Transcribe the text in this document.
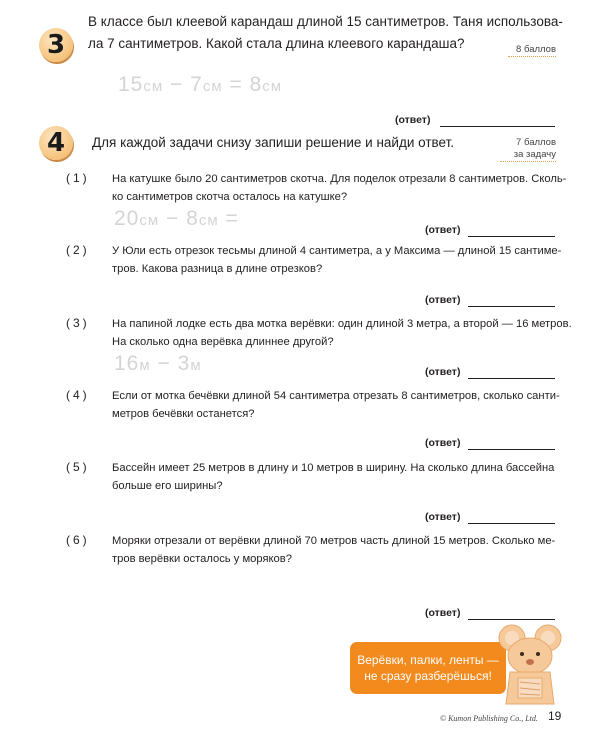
3
В классе был клеевой карандаш длиной 15 сантиметров. Таня использова-
ла 7 сантиметров. Какой стала длина клеевого карандаша?	8 баллов
15см − 7см = 8см
(ответ)
4 Для каждой задачи снизу запиши решение и найди ответ.	7 баллов
за задачу
(1) На катушке было 20 сантиметров скотча. Для поделок отрезали 8 сантиметров. Сколь-
ко сантиметров скотча осталось на катушке?
20см − 8см =	(ответ)
(2) У Юли есть отрезок тесьмы длиной 4 сантиметра, а у Максима — длиной 15 сантиме-
тров. Какова разница в длине отрезков?
(ответ)
(3) На папиной лодке есть два мотка верёвки: один длиной 3 метра, а второй — 16 метров.
На сколько одна верёвка длиннее другой?
16м − 3м	(ответ)
(4) Если от мотка бечёвки длиной 54 сантиметра отрезать 8 сантиметров, сколько санти-
метров бечёвки останется?
(ответ)
(5) Бассейн имеет 25 метров в длину и 10 метров в ширину. На сколько длина бассейна
больше его ширины?
(ответ)
(6) Моряки отрезали от верёвки длиной 70 метров часть длиной 15 метров. Сколько ме-
тров верёвки осталось у моряков?
(ответ)
Верёвки, палки, ленты —
не сразу разберёшься!
© Kumon Publishing Co., Ltd. 19
